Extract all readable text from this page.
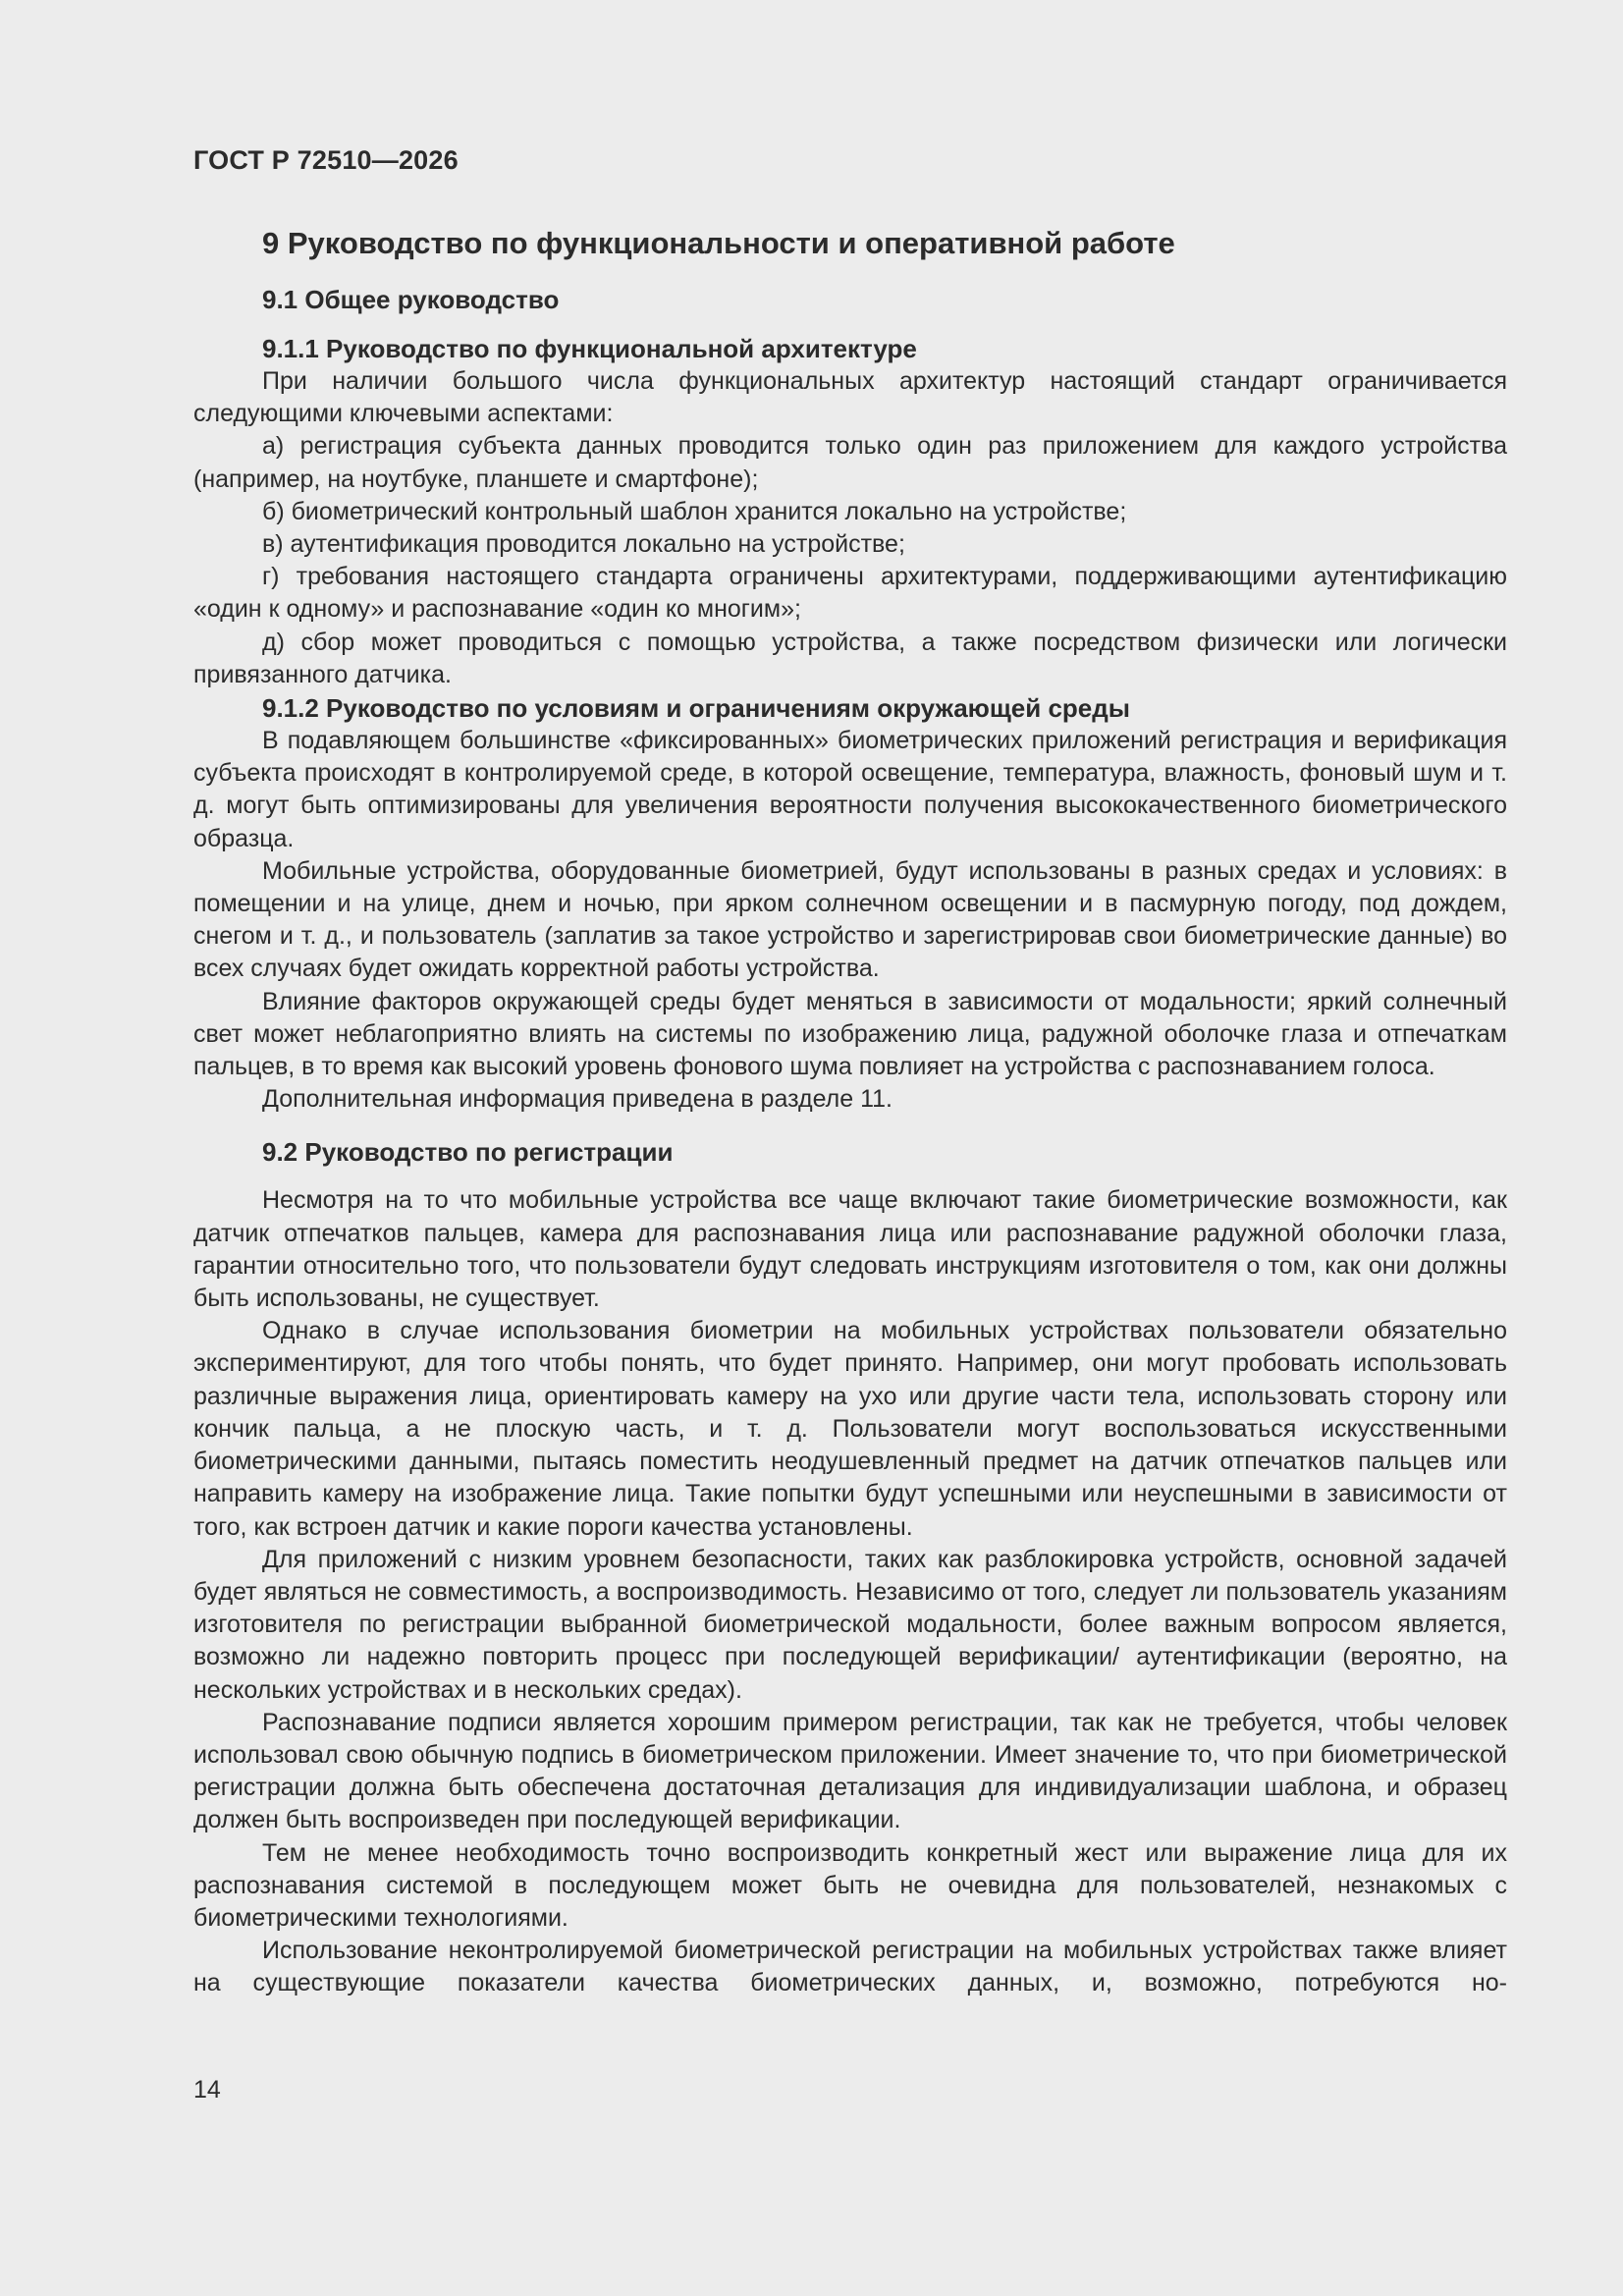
ГОСТ Р 72510—2026
9 Руководство по функциональности и оперативной работе
9.1 Общее руководство
9.1.1 Руководство по функциональной архитектуре

При наличии большого числа функциональных архитектур настоящий стандарт ограничивается следующими ключевыми аспектами:

а) регистрация субъекта данных проводится только один раз приложением для каждого устройства (например, на ноутбуке, планшете и смартфоне);

б) биометрический контрольный шаблон хранится локально на устройстве;

в) аутентификация проводится локально на устройстве;

г) требования настоящего стандарта ограничены архитектурами, поддерживающими аутентификацию «один к одному» и распознавание «один ко многим»;

д) сбор может проводиться с помощью устройства, а также посредством физически или логически привязанного датчика.

9.1.2 Руководство по условиям и ограничениям окружающей среды

В подавляющем большинстве «фиксированных» биометрических приложений регистрация и верификация субъекта происходят в контролируемой среде, в которой освещение, температура, влажность, фоновый шум и т. д. могут быть оптимизированы для увеличения вероятности получения высококачественного биометрического образца.

Мобильные устройства, оборудованные биометрией, будут использованы в разных средах и условиях: в помещении и на улице, днем и ночью, при ярком солнечном освещении и в пасмурную погоду, под дождем, снегом и т. д., и пользователь (заплатив за такое устройство и зарегистрировав свои биометрические данные) во всех случаях будет ожидать корректной работы устройства.

Влияние факторов окружающей среды будет меняться в зависимости от модальности; яркий солнечный свет может неблагоприятно влиять на системы по изображению лица, радужной оболочке глаза и отпечаткам пальцев, в то время как высокий уровень фонового шума повлияет на устройства с распознаванием голоса.

Дополнительная информация приведена в разделе 11.

9.2 Руководство по регистрации

Несмотря на то что мобильные устройства все чаще включают такие биометрические возможности, как датчик отпечатков пальцев, камера для распознавания лица или распознавание радужной оболочки глаза, гарантии относительно того, что пользователи будут следовать инструкциям изготовителя о том, как они должны быть использованы, не существует.

Однако в случае использования биометрии на мобильных устройствах пользователи обязательно экспериментируют, для того чтобы понять, что будет принято. Например, они могут пробовать использовать различные выражения лица, ориентировать камеру на ухо или другие части тела, использовать сторону или кончик пальца, а не плоскую часть, и т. д. Пользователи могут воспользоваться искусственными биометрическими данными, пытаясь поместить неодушевленный предмет на датчик отпечатков пальцев или направить камеру на изображение лица. Такие попытки будут успешными или неуспешными в зависимости от того, как встроен датчик и какие пороги качества установлены.

Для приложений с низким уровнем безопасности, таких как разблокировка устройств, основной задачей будет являться не совместимость, а воспроизводимость. Независимо от того, следует ли пользователь указаниям изготовителя по регистрации выбранной биометрической модальности, более важным вопросом является, возможно ли надежно повторить процесс при последующей верификации/ аутентификации (вероятно, на нескольких устройствах и в нескольких средах).

Распознавание подписи является хорошим примером регистрации, так как не требуется, чтобы человек использовал свою обычную подпись в биометрическом приложении. Имеет значение то, что при биометрической регистрации должна быть обеспечена достаточная детализация для индивидуализации шаблона, и образец должен быть воспроизведен при последующей верификации.

Тем не менее необходимость точно воспроизводить конкретный жест или выражение лица для их распознавания системой в последующем может быть не очевидна для пользователей, незнакомых с биометрическими технологиями.

Использование неконтролируемой биометрической регистрации на мобильных устройствах также влияет на существующие показатели качества биометрических данных, и, возможно, потребуются но-

14
